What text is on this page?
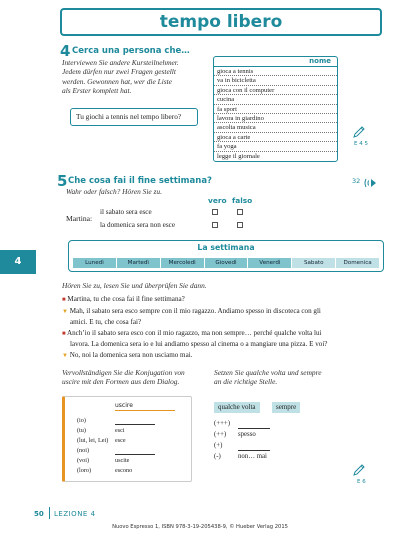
tempo libero
4 Cerca una persona che…
Interviewen Sie andere Kursteilnehmer.
Jedem dürfen nur zwei Fragen gestellt
werden. Gewonnen hat, wer die Liste
als Erster komplett hat.
Tu giochi a tennis nel tempo libero?
nome
gioca a tennis
va in bicicletta
gioca con il computer
cucina
fa sport
lavora in giardino
ascolta musica
gioca a carte
fa yoga
legge il giornale
E 4 5
4
5 Che cosa fai il fine settimana?
Wahr oder falsch? Hören Sie zu.
32
vero falso
Martina:
il sabato sera esce
la domenica sera non esce
La settimana
Lunedì	Martedì	Mercoledì	Giovedì	Venerdì	Sabato	Domenica
Hören Sie zu, lesen Sie und überprüfen Sie dann.
■ Martina, tu che cosa fai il fine settimana?
▼ Mah, il sabato sera esco sempre con il mio ragazzo. Andiamo spesso in discoteca con gli
amici. E tu, che cosa fai?
■ Anch’io il sabato sera esco con il mio ragazzo, ma non sempre… perché qualche volta lui
lavora. La domenica sera io e lui andiamo spesso al cinema o a mangiare una pizza. E voi?
▼ No, noi la domenica sera non usciamo mai.
Vervollständigen Sie die Konjugation von
uscire mit den Formen aus dem Dialog.
uscire
(io)
(tu)	esci
(lui, lei, Lei) esce
(noi)
(voi)	uscite
(loro)	escono
Setzen Sie qualche volta und sempre
an die richtige Stelle.
qualche volta	sempre
(+++)
(++) spesso
(+)
(-)	non… mai
E 6
50 LEZIONE 4
Nuovo Espresso 1, ISBN 978-3-19-205438-9, © Hueber Verlag 2015
